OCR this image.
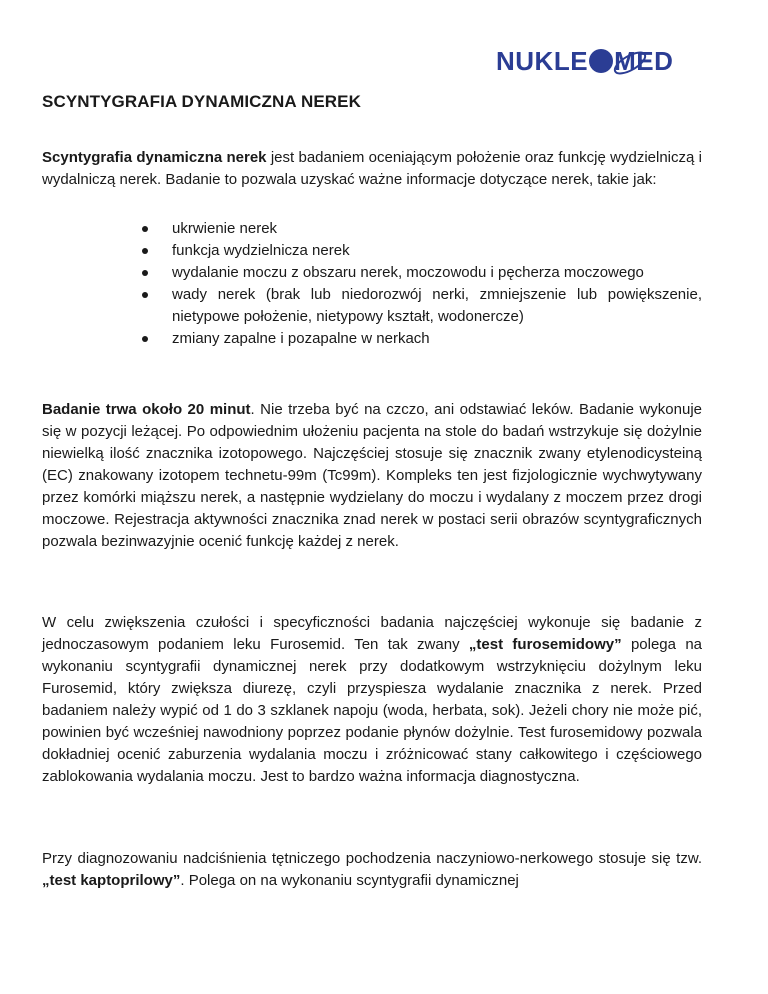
NUKLE MED
SCYNTYGRAFIA DYNAMICZNA NEREK

Scyntygrafia dynamiczna nerek jest badaniem oceniającym położenie oraz funkcję wydzielniczą i wydalniczą nerek. Badanie to pozwala uzyskać ważne informacje dotyczące nerek, takie jak:

ukrwienie nerek
funkcja wydzielnicza nerek
wydalanie moczu z obszaru nerek, moczowodu i pęcherza moczowego
wady nerek (brak lub niedorozwój nerki, zmniejszenie lub powiększenie, nietypowe położenie, nietypowy kształt, wodonercze)
zmiany zapalne i pozapalne w nerkach

Badanie trwa około 20 minut. Nie trzeba być na czczo, ani odstawiać leków. Badanie wykonuje się w pozycji leżącej. Po odpowiednim ułożeniu pacjenta na stole do badań wstrzykuje się dożylnie niewielką ilość znacznika izotopowego. Najczęściej stosuje się znacznik zwany etylenodicysteiną (EC) znakowany izotopem technetu-99m (Tc99m). Kompleks ten jest fizjologicznie wychwytywany przez komórki miąższu nerek, a następnie wydzielany do moczu i wydalany z moczem przez drogi moczowe. Rejestracja aktywności znacznika znad nerek w postaci serii obrazów scyntygraficznych pozwala bezinwazyjnie ocenić funkcję każdej z nerek.

W celu zwiększenia czułości i specyficzności badania najczęściej wykonuje się badanie z jednoczasowym podaniem leku Furosemid. Ten tak zwany „test furosemidowy” polega na wykonaniu scyntygrafii dynamicznej nerek przy dodatkowym wstrzyknięciu dożylnym leku Furosemid, który zwiększa diurezę, czyli przyspiesza wydalanie znacznika z nerek. Przed badaniem należy wypić od 1 do 3 szklanek napoju (woda, herbata, sok). Jeżeli chory nie może pić, powinien być wcześniej nawodniony poprzez podanie płynów dożylnie. Test furosemidowy pozwala dokładniej ocenić zaburzenia wydalania moczu i zróżnicować stany całkowitego i częściowego zablokowania wydalania moczu. Jest to bardzo ważna informacja diagnostyczna.

Przy diagnozowaniu nadciśnienia tętniczego pochodzenia naczyniowo-nerkowego stosuje się tzw. „test kaptoprilowy”. Polega on na wykonaniu scyntygrafii dynamicznej
